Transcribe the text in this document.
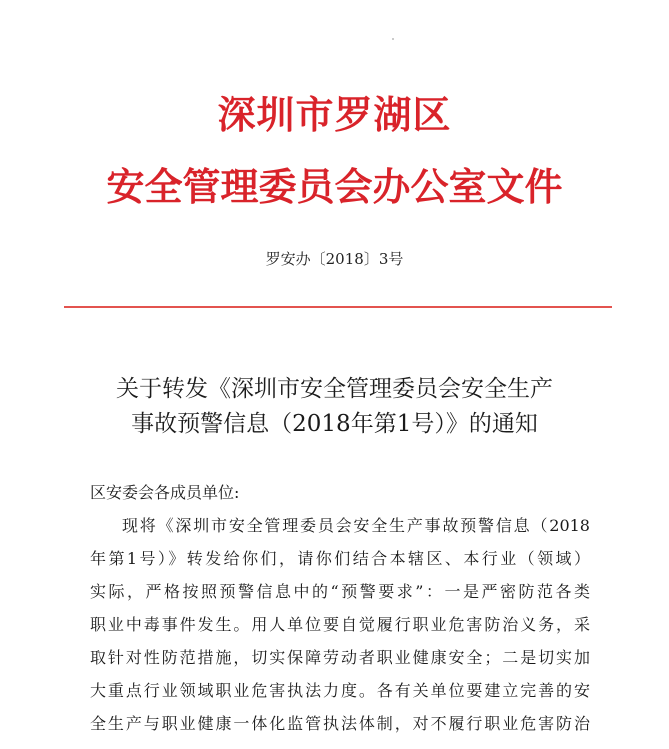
深圳市罗湖区
安全管理委员会办公室文件
罗安办〔2018〕3号
关于转发《深圳市安全管理委员会安全生产
事故预警信息（2018年第1号）》的通知
区安委会各成员单位:
现将《深圳市安全管理委员会安全生产事故预警信息（2018
年第1号）》转发给你们，请你们结合本辖区、本行业（领域）
实际，严格按照预警信息中的“预警要求”：一是严密防范各类
职业中毒事件发生。用人单位要自觉履行职业危害防治义务，采
取针对性防范措施，切实保障劳动者职业健康安全；二是切实加
大重点行业领域职业危害执法力度。各有关单位要建立完善的安
全生产与职业健康一体化监管执法体制，对不履行职业危害防治
